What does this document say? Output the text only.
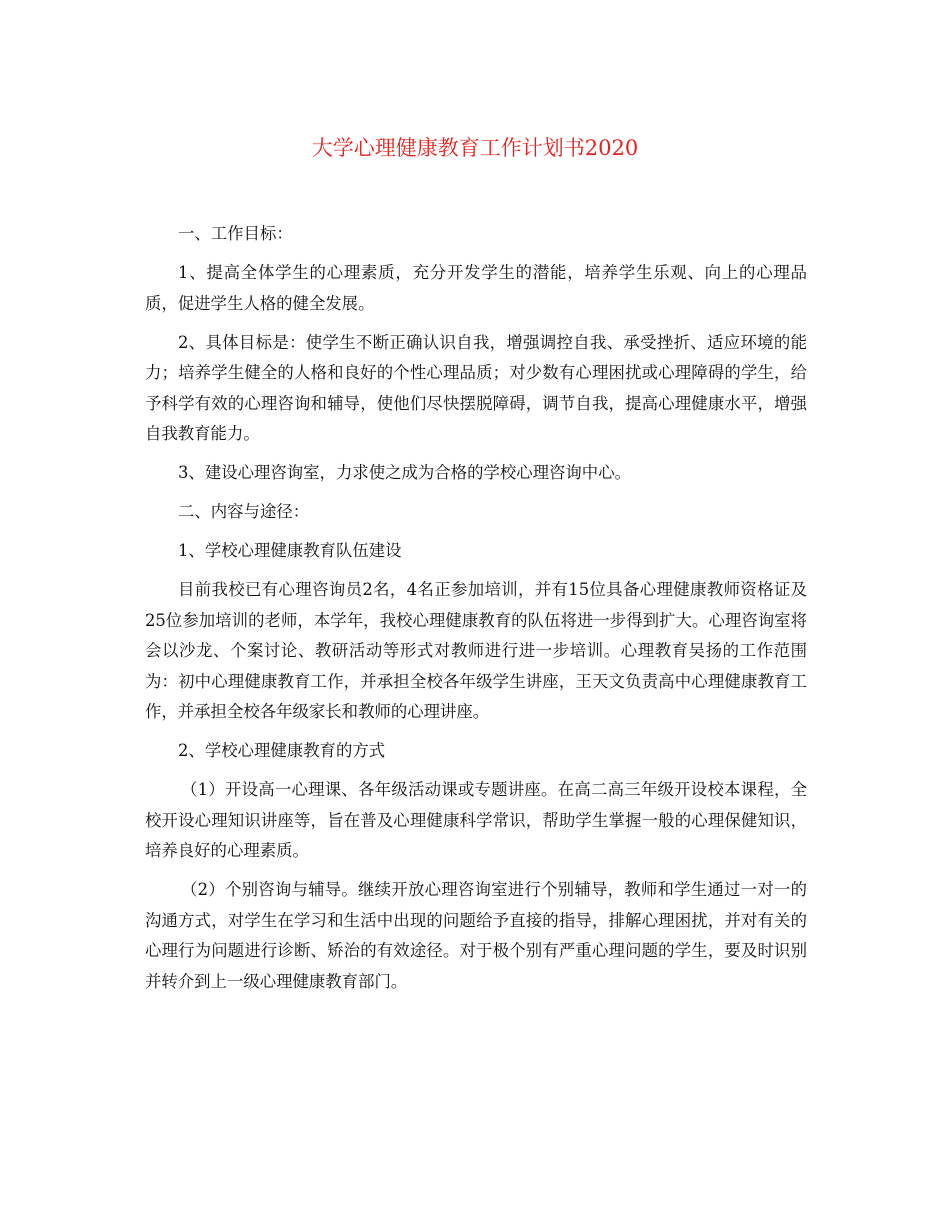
大学心理健康教育工作计划书2020

一、工作目标：

1、提高全体学生的心理素质，充分开发学生的潜能，培养学生乐观、向上的心理品质，促进学生人格的健全发展。

2、具体目标是：使学生不断正确认识自我，增强调控自我、承受挫折、适应环境的能力；培养学生健全的人格和良好的个性心理品质；对少数有心理困扰或心理障碍的学生，给予科学有效的心理咨询和辅导，使他们尽快摆脱障碍，调节自我，提高心理健康水平，增强自我教育能力。

3、建设心理咨询室，力求使之成为合格的学校心理咨询中心。

二、内容与途径：

1、学校心理健康教育队伍建设

目前我校已有心理咨询员2名，4名正参加培训，并有15位具备心理健康教师资格证及25位参加培训的老师，本学年，我校心理健康教育的队伍将进一步得到扩大。心理咨询室将会以沙龙、个案讨论、教研活动等形式对教师进行进一步培训。心理教育吴扬的工作范围为：初中心理健康教育工作，并承担全校各年级学生讲座，王天文负责高中心理健康教育工作，并承担全校各年级家长和教师的心理讲座。

2、学校心理健康教育的方式

（1）开设高一心理课、各年级活动课或专题讲座。在高二高三年级开设校本课程，全校开设心理知识讲座等，旨在普及心理健康科学常识，帮助学生掌握一般的心理保健知识，培养良好的心理素质。

（2）个别咨询与辅导。继续开放心理咨询室进行个别辅导，教师和学生通过一对一的沟通方式，对学生在学习和生活中出现的问题给予直接的指导，排解心理困扰，并对有关的心理行为问题进行诊断、矫治的有效途径。对于极个别有严重心理问题的学生，要及时识别并转介到上一级心理健康教育部门。
